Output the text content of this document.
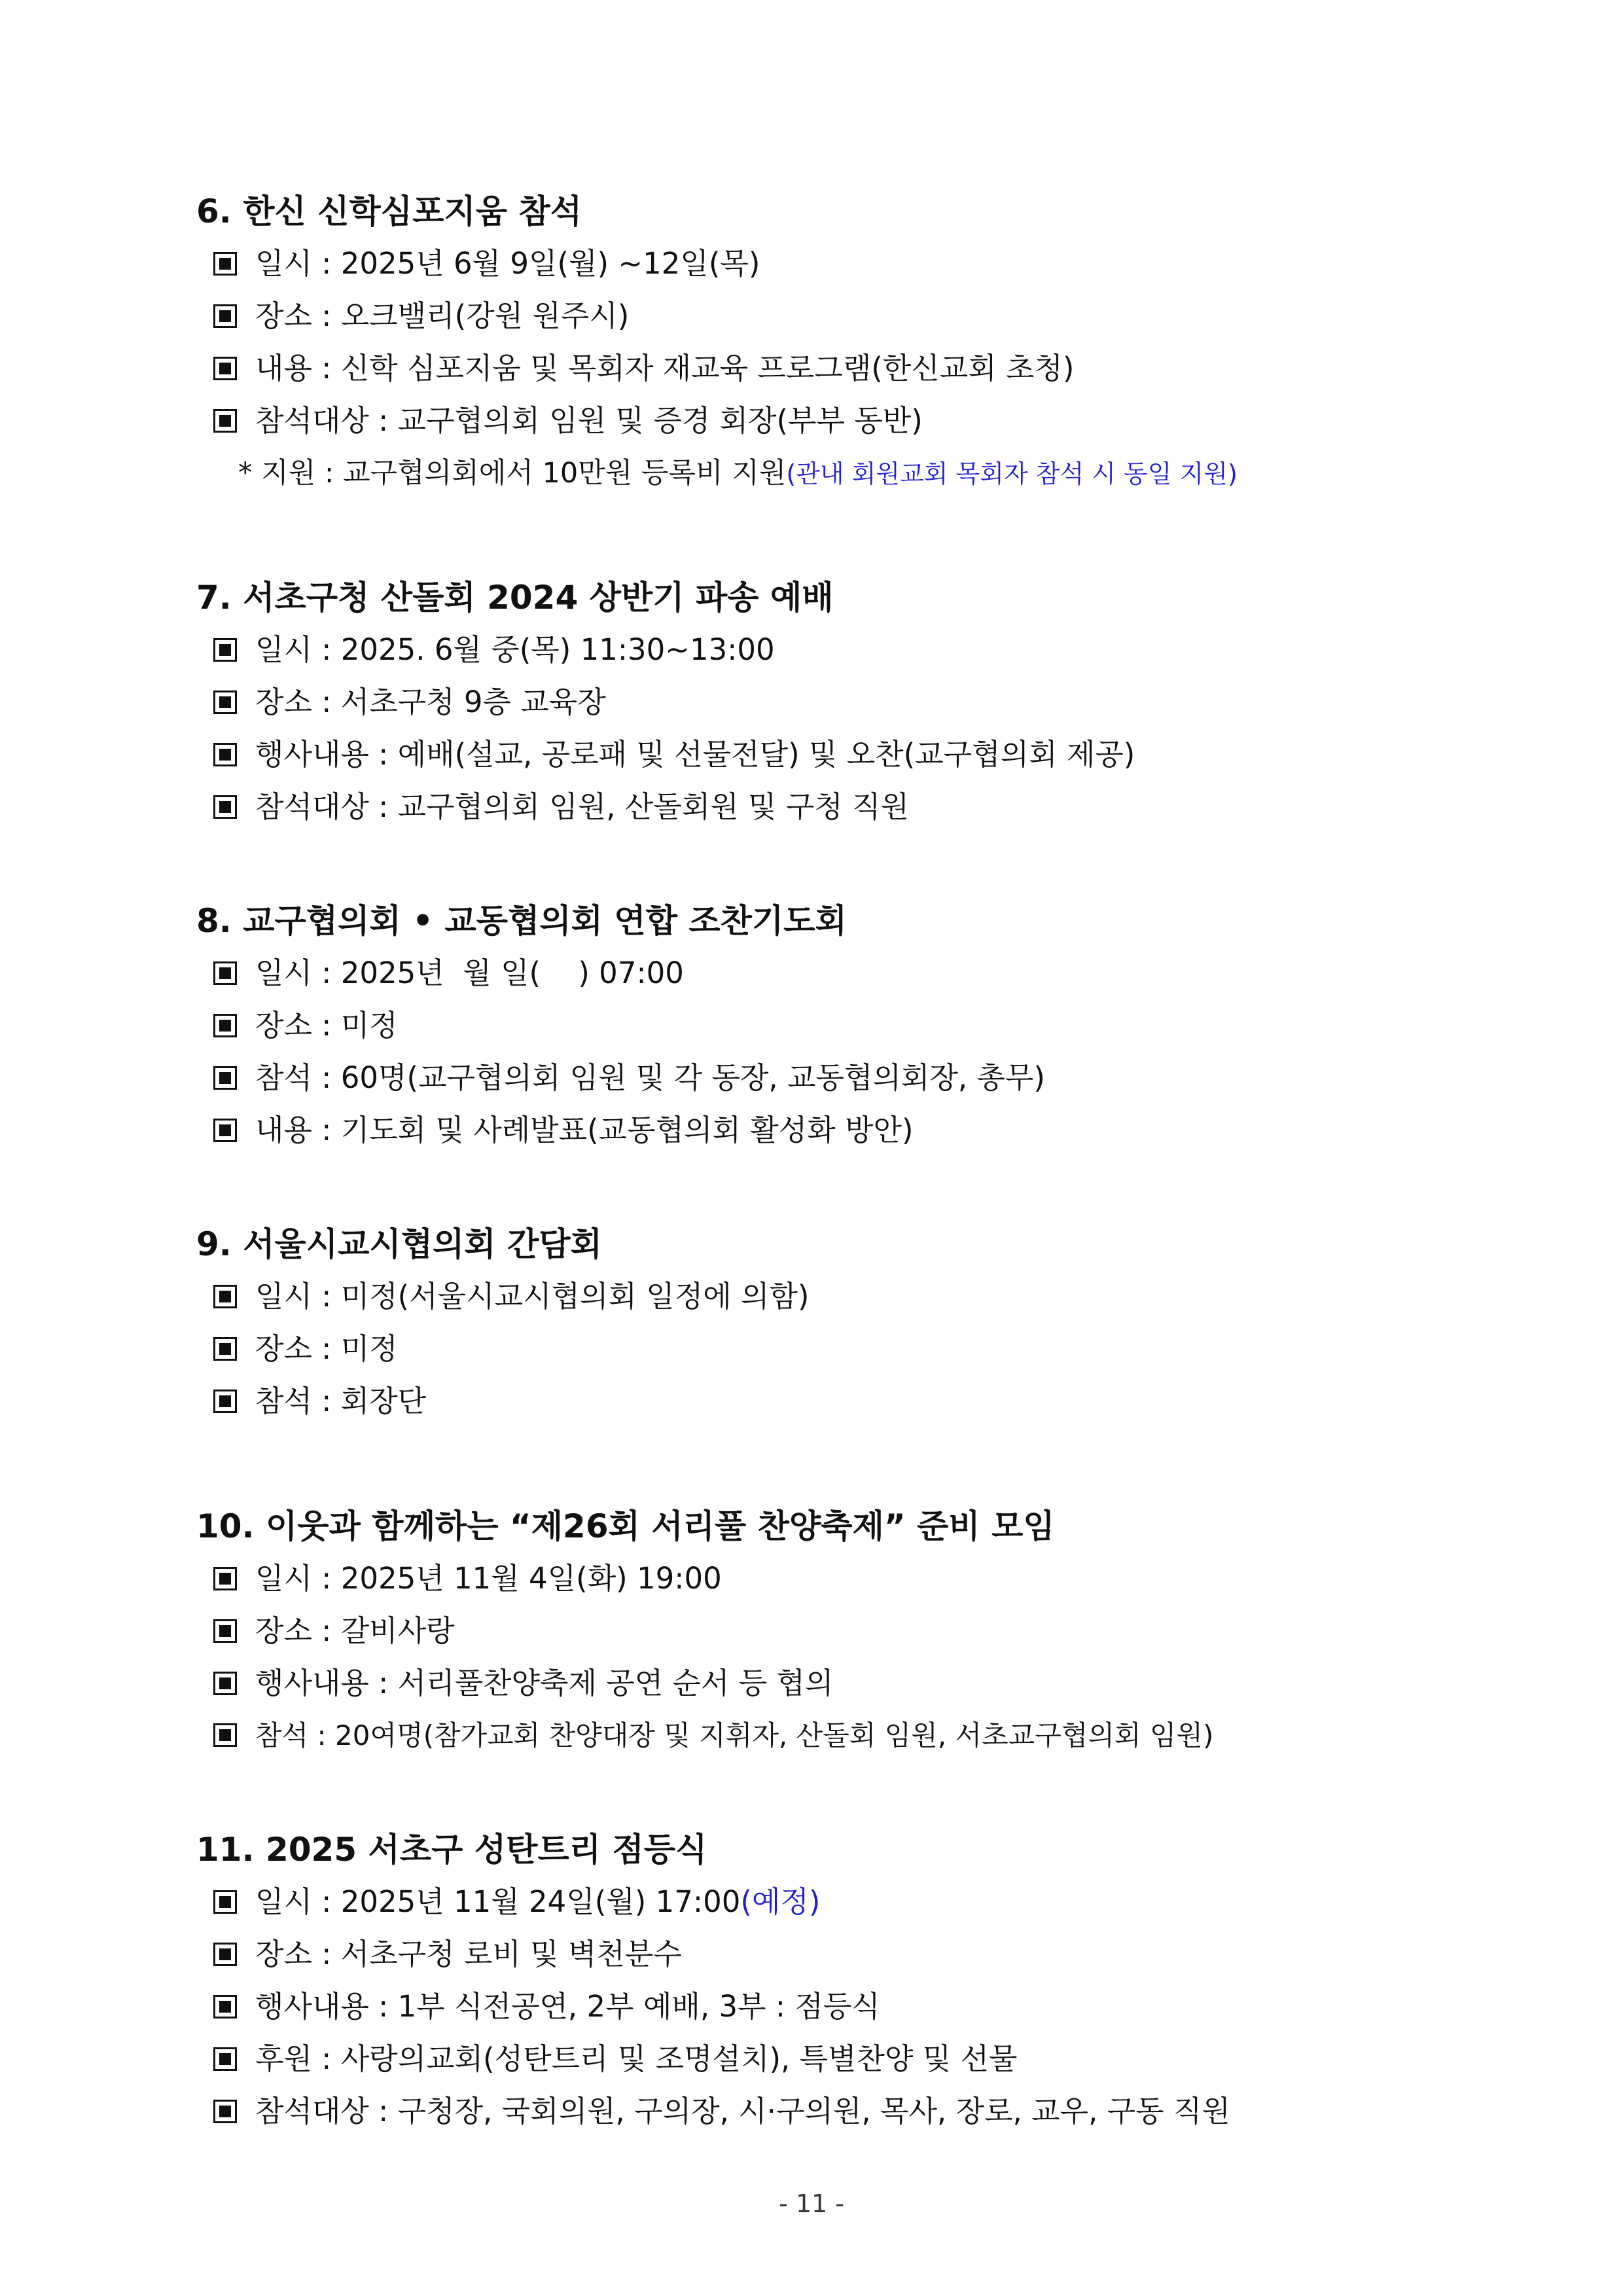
6. 한신 신학심포지움 참석
일시 : 2025년 6월 9일(월) ~12일(목)
장소 : 오크밸리(강원 원주시)
내용 : 신학 심포지움 및 목회자 재교육 프로그램(한신교회 초청)
참석대상 : 교구협의회 임원 및 증경 회장(부부 동반)
* 지원 : 교구협의회에서 10만원 등록비 지원(관내 회원교회 목회자 참석 시 동일 지원)
7. 서초구청 산돌회 2024 상반기 파송 예배
일시 : 2025. 6월 중(목) 11:30~13:00
장소 : 서초구청 9층 교육장
행사내용 : 예배(설교, 공로패 및 선물전달) 및 오찬(교구협의회 제공)
참석대상 : 교구협의회 임원, 산돌회원 및 구청 직원
8. 교구협의회 • 교동협의회 연합 조찬기도회
일시 : 2025년  월 일(    ) 07:00
장소 : 미정
참석 : 60명(교구협의회 임원 및 각 동장, 교동협의회장, 총무)
내용 : 기도회 및 사례발표(교동협의회 활성화 방안)
9. 서울시교시협의회 간담회
일시 : 미정(서울시교시협의회 일정에 의함)
장소 : 미정
참석 : 회장단
10. 이웃과 함께하는 “제26회 서리풀 찬양축제” 준비 모임
일시 : 2025년 11월 4일(화) 19:00
장소 : 갈비사랑
행사내용 : 서리풀찬양축제 공연 순서 등 협의
참석 : 20여명(참가교회 찬양대장 및 지휘자, 산돌회 임원, 서초교구협의회 임원)
11. 2025 서초구 성탄트리 점등식
일시 : 2025년 11월 24일(월) 17:00(예정)
장소 : 서초구청 로비 및 벽천분수
행사내용 : 1부 식전공연, 2부 예배, 3부 : 점등식
후원 : 사랑의교회(성탄트리 및 조명설치), 특별찬양 및 선물
참석대상 : 구청장, 국회의원, 구의장, 시·구의원, 목사, 장로, 교우, 구동 직원
- 11 -
